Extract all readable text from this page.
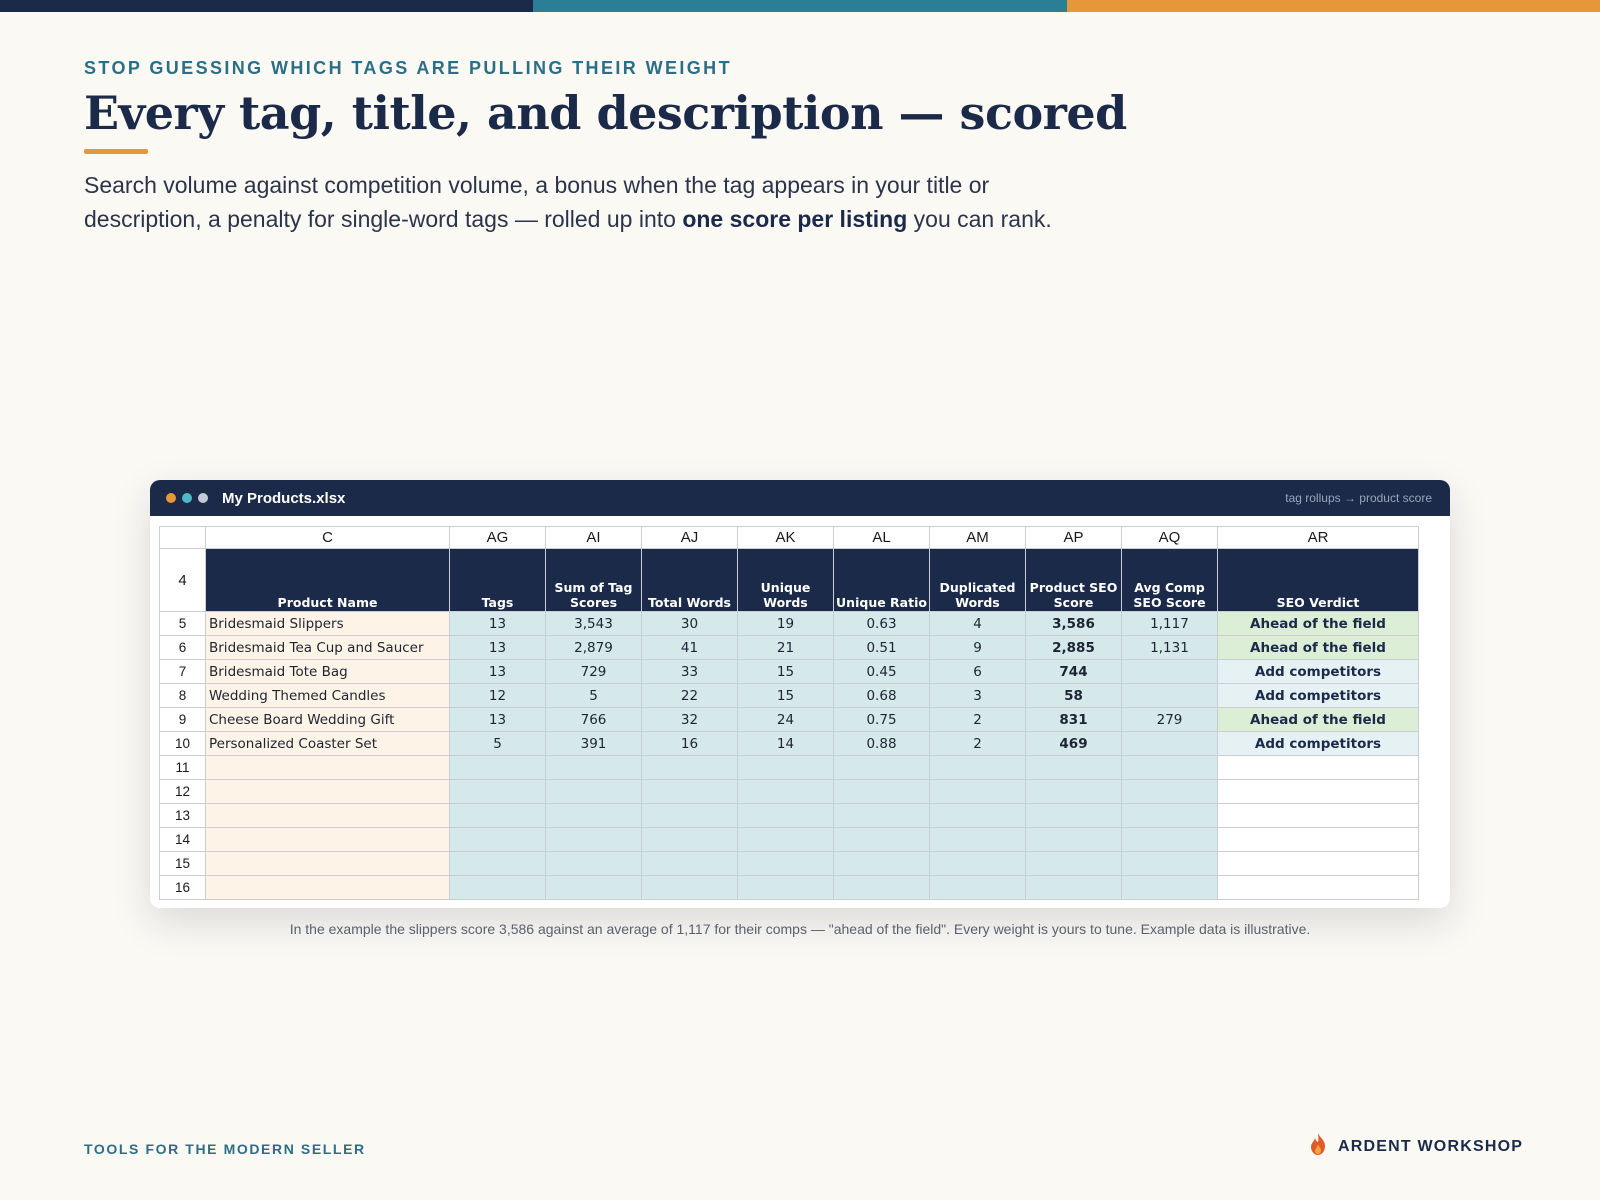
STOP GUESSING WHICH TAGS ARE PULLING THEIR WEIGHT
Every tag, title, and description — scored

Search volume against competition volume, a bonus when the tag appears in your title or description, a penalty for single-word tags — rolled up into one score per listing you can rank.

My Products.xlsx	tag rollups → product score
	C	AG	AI	AJ	AK	AL	AM	AP	AQ	AR
4	Product Name	Tags	Sum of Tag Scores	Total Words	Unique Words	Unique Ratio	Duplicated Words	Product SEO Score	Avg Comp SEO Score	SEO Verdict
5	Bridesmaid Slippers	13	3,543	30	19	0.63	4	3,586	1,117	Ahead of the field
6	Bridesmaid Tea Cup and Saucer	13	2,879	41	21	0.51	9	2,885	1,131	Ahead of the field
7	Bridesmaid Tote Bag	13	729	33	15	0.45	6	744		Add competitors
8	Wedding Themed Candles	12	5	22	15	0.68	3	58		Add competitors
9	Cheese Board Wedding Gift	13	766	32	24	0.75	2	831	279	Ahead of the field
10	Personalized Coaster Set	5	391	16	14	0.88	2	469		Add competitors
11										
12										
13										
14										
15										
16										
In the example the slippers score 3,586 against an average of 1,117 for their comps — "ahead of the field". Every weight is yours to tune. Example data is illustrative.
TOOLS FOR THE MODERN SELLER	ARDENT WORKSHOP
